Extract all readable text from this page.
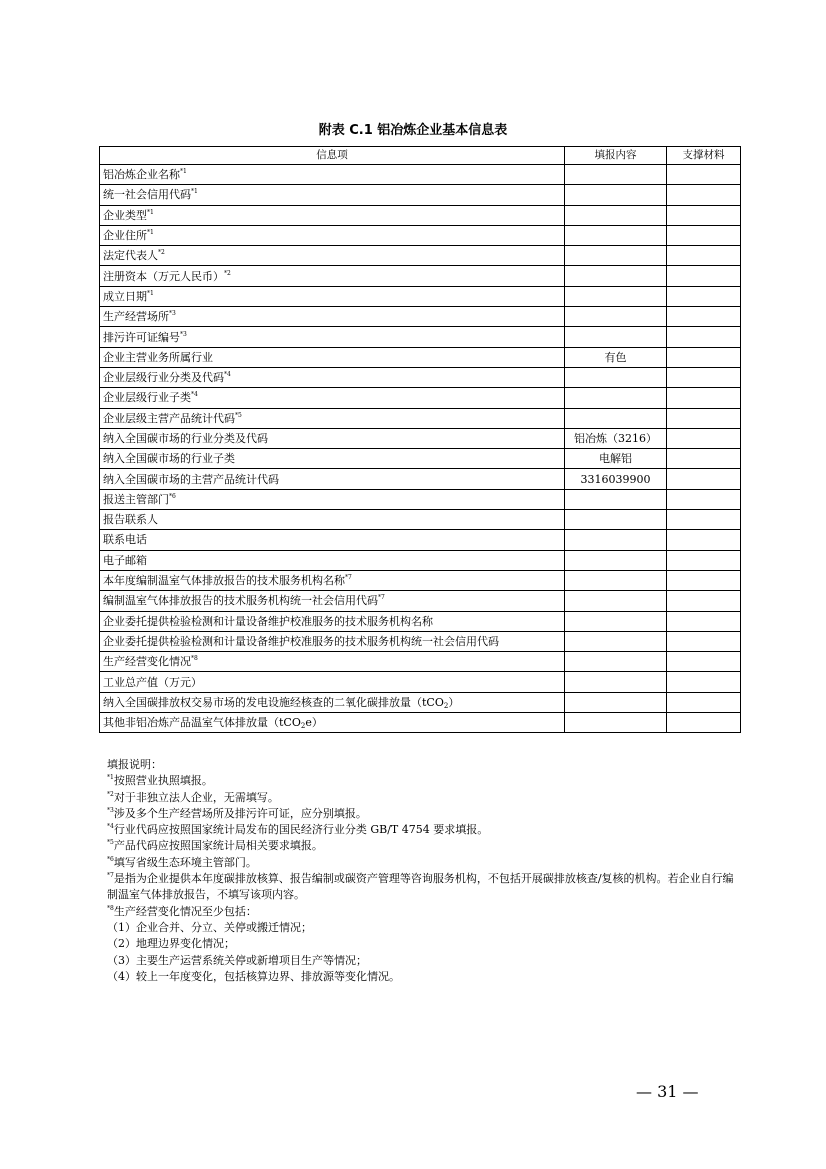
附表 C.1 铝冶炼企业基本信息表
信息项	填报内容	支撑材料
铝冶炼企业名称$^{*1}$		
统一社会信用代码$^{*1}$		
企业类型$^{*1}$		
企业住所$^{*1}$		
法定代表人$^{*2}$		
注册资本（万元人民币）$^{*2}$		
成立日期$^{*1}$		
生产经营场所$^{*3}$		
排污许可证编号$^{*3}$		
企业主营业务所属行业	有色	
企业层级行业分类及代码$^{*4}$		
企业层级行业子类$^{*4}$		
企业层级主营产品统计代码$^{*5}$		
纳入全国碳市场的行业分类及代码	铝冶炼（3216）	
纳入全国碳市场的行业子类	电解铝	
纳入全国碳市场的主营产品统计代码	3316039900	
报送主管部门$^{*6}$		
报告联系人		
联系电话		
电子邮箱		
本年度编制温室气体排放报告的技术服务机构名称$^{*7}$		
编制温室气体排放报告的技术服务机构统一社会信用代码$^{*7}$		
企业委托提供检验检测和计量设备维护校准服务的技术服务机构名称		
企业委托提供检验检测和计量设备维护校准服务的技术服务机构统一社会信用代码		
生产经营变化情况$^{*8}$		
工业总产值（万元）		
纳入全国碳排放权交易市场的发电设施经核查的二氧化碳排放量（tCO$_2$）		
其他非铝冶炼产品温室气体排放量（tCO$_2$e）		
填报说明：
$^{*1}$按照营业执照填报。
$^{*2}$对于非独立法人企业，无需填写。
$^{*3}$涉及多个生产经营场所及排污许可证，应分别填报。
$^{*4}$行业代码应按照国家统计局发布的国民经济行业分类 GB/T 4754 要求填报。
$^{*5}$产品代码应按照国家统计局相关要求填报。
$^{*6}$填写省级生态环境主管部门。
$^{*7}$是指为企业提供本年度碳排放核算、报告编制或碳资产管理等咨询服务机构，不包括开展碳排放核查/复核的机构。若企业自行编制温室气体排放报告，不填写该项内容。
$^{*8}$生产经营变化情况至少包括：
（1）企业合并、分立、关停或搬迁情况；
（2）地理边界变化情况；
（3）主要生产运营系统关停或新增项目生产等情况；
（4）较上一年度变化，包括核算边界、排放源等变化情况。
— 31 —
